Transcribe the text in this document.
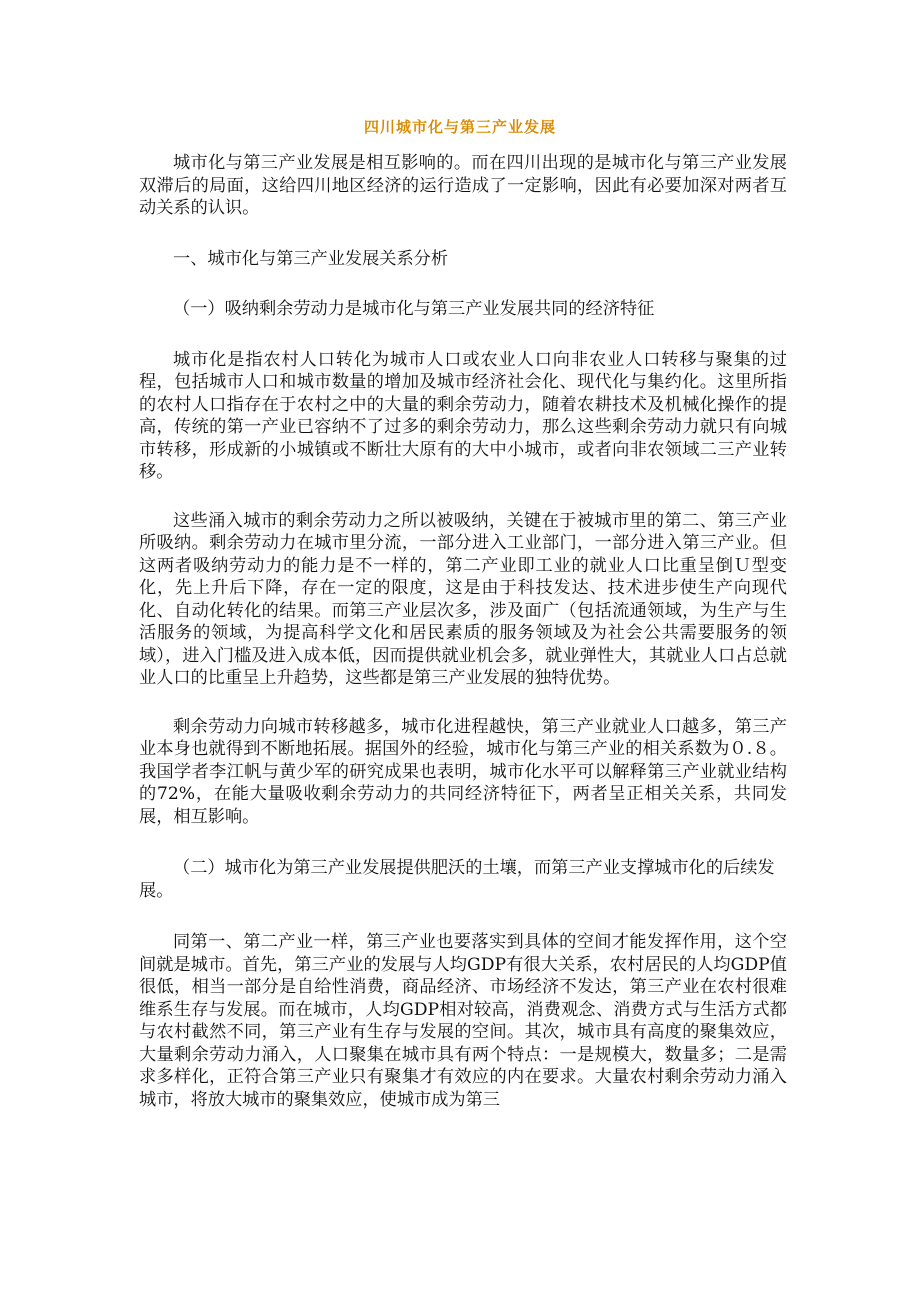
四川城市化与第三产业发展

城市化与第三产业发展是相互影响的。而在四川出现的是城市化与第三产业发展双滞后的局面，这给四川地区经济的运行造成了一定影响，因此有必要加深对两者互动关系的认识。

一、城市化与第三产业发展关系分析

（一）吸纳剩余劳动力是城市化与第三产业发展共同的经济特征

城市化是指农村人口转化为城市人口或农业人口向非农业人口转移与聚集的过程，包括城市人口和城市数量的增加及城市经济社会化、现代化与集约化。这里所指的农村人口指存在于农村之中的大量的剩余劳动力，随着农耕技术及机械化操作的提高，传统的第一产业已容纳不了过多的剩余劳动力，那么这些剩余劳动力就只有向城市转移，形成新的小城镇或不断壮大原有的大中小城市，或者向非农领域二三产业转移。

这些涌入城市的剩余劳动力之所以被吸纳，关键在于被城市里的第二、第三产业所吸纳。剩余劳动力在城市里分流，一部分进入工业部门，一部分进入第三产业。但这两者吸纳劳动力的能力是不一样的，第二产业即工业的就业人口比重呈倒Ｕ型变化，先上升后下降，存在一定的限度，这是由于科技发达、技术进步使生产向现代化、自动化转化的结果。而第三产业层次多，涉及面广（包括流通领域，为生产与生活服务的领域，为提高科学文化和居民素质的服务领域及为社会公共需要服务的领域），进入门槛及进入成本低，因而提供就业机会多，就业弹性大，其就业人口占总就业人口的比重呈上升趋势，这些都是第三产业发展的独特优势。

剩余劳动力向城市转移越多，城市化进程越快，第三产业就业人口越多，第三产业本身也就得到不断地拓展。据国外的经验，城市化与第三产业的相关系数为０.８。我国学者李江帆与黄少军的研究成果也表明，城市化水平可以解释第三产业就业结构的72%，在能大量吸收剩余劳动力的共同经济特征下，两者呈正相关关系，共同发展，相互影响。

（二）城市化为第三产业发展提供肥沃的土壤，而第三产业支撑城市化的后续发展。

同第一、第二产业一样，第三产业也要落实到具体的空间才能发挥作用，这个空间就是城市。首先，第三产业的发展与人均GDP有很大关系，农村居民的人均GDP值很低，相当一部分是自给性消费，商品经济、市场经济不发达，第三产业在农村很难维系生存与发展。而在城市，人均GDP相对较高，消费观念、消费方式与生活方式都与农村截然不同，第三产业有生存与发展的空间。其次，城市具有高度的聚集效应，大量剩余劳动力涌入，人口聚集在城市具有两个特点：一是规模大，数量多；二是需求多样化，正符合第三产业只有聚集才有效应的内在要求。大量农村剩余劳动力涌入城市，将放大城市的聚集效应，使城市成为第三
